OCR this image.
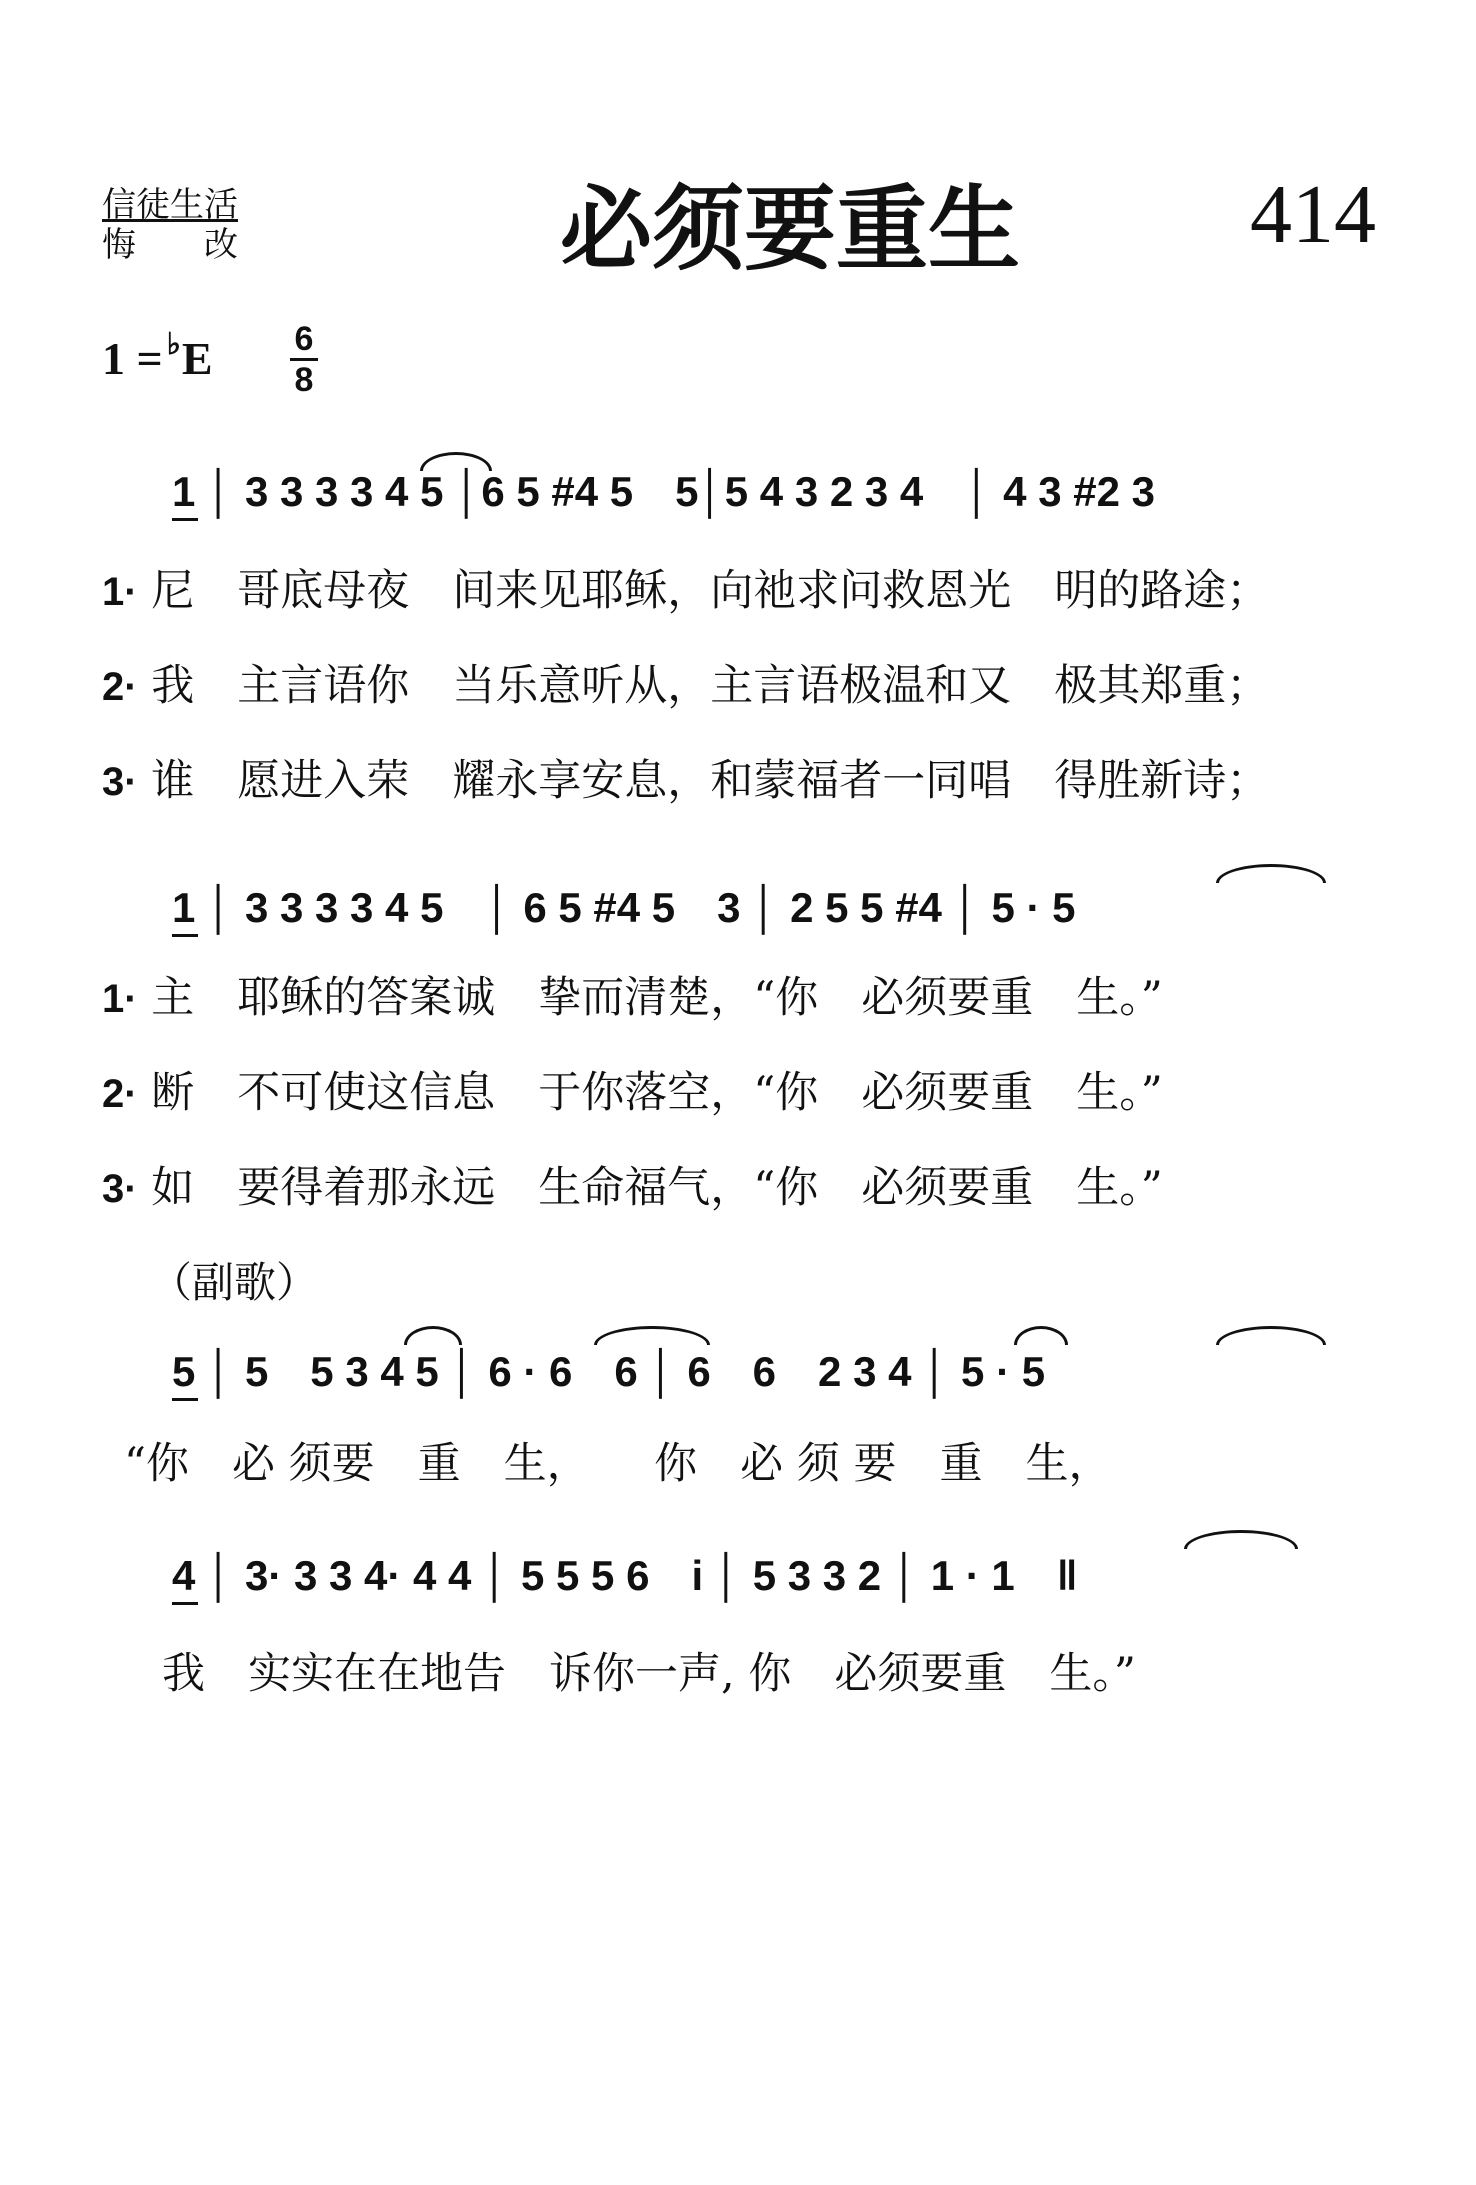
信徒生活
悔　　改	必须要重生	414
1 = ♭E 6
8
1 │ 3 3 3 3 4 5 │6 5 #4 5　5│5 4 3 2 3 4　│ 4 3 #2 3
1· 尼　哥底母夜　间来见耶稣，向祂求问救恩光　明的路途；
2· 我　主言语你　当乐意听从，主言语极温和又　极其郑重；
3· 谁　愿进入荣　耀永享安息，和蒙福者一同唱　得胜新诗；
1 │ 3 3 3 3 4 5　│ 6 5 #4 5　3 │ 2 5 5 #4 │ 5 · 5
1· 主　耶稣的答案诚　挚而清楚，“你　必须要重　生。”
2· 断　不可使这信息　于你落空，“你　必须要重　生。”
3· 如　要得着那永远　生命福气，“你　必须要重　生。”
（副歌）
5 │ 5　5 3 4 5 │ 6 · 6　6 │ 6　6　2 3 4 │ 5 · 5
“你　必 须要　重　生，　　你　必 须 要　重　生，
4 │ 3· 3 3 4· 4 4 │ 5 5 5 6　i │ 5 3 3 2 │ 1 · 1　‖
我　实实在在地告　诉你一声, 你　必须要重　生。”
